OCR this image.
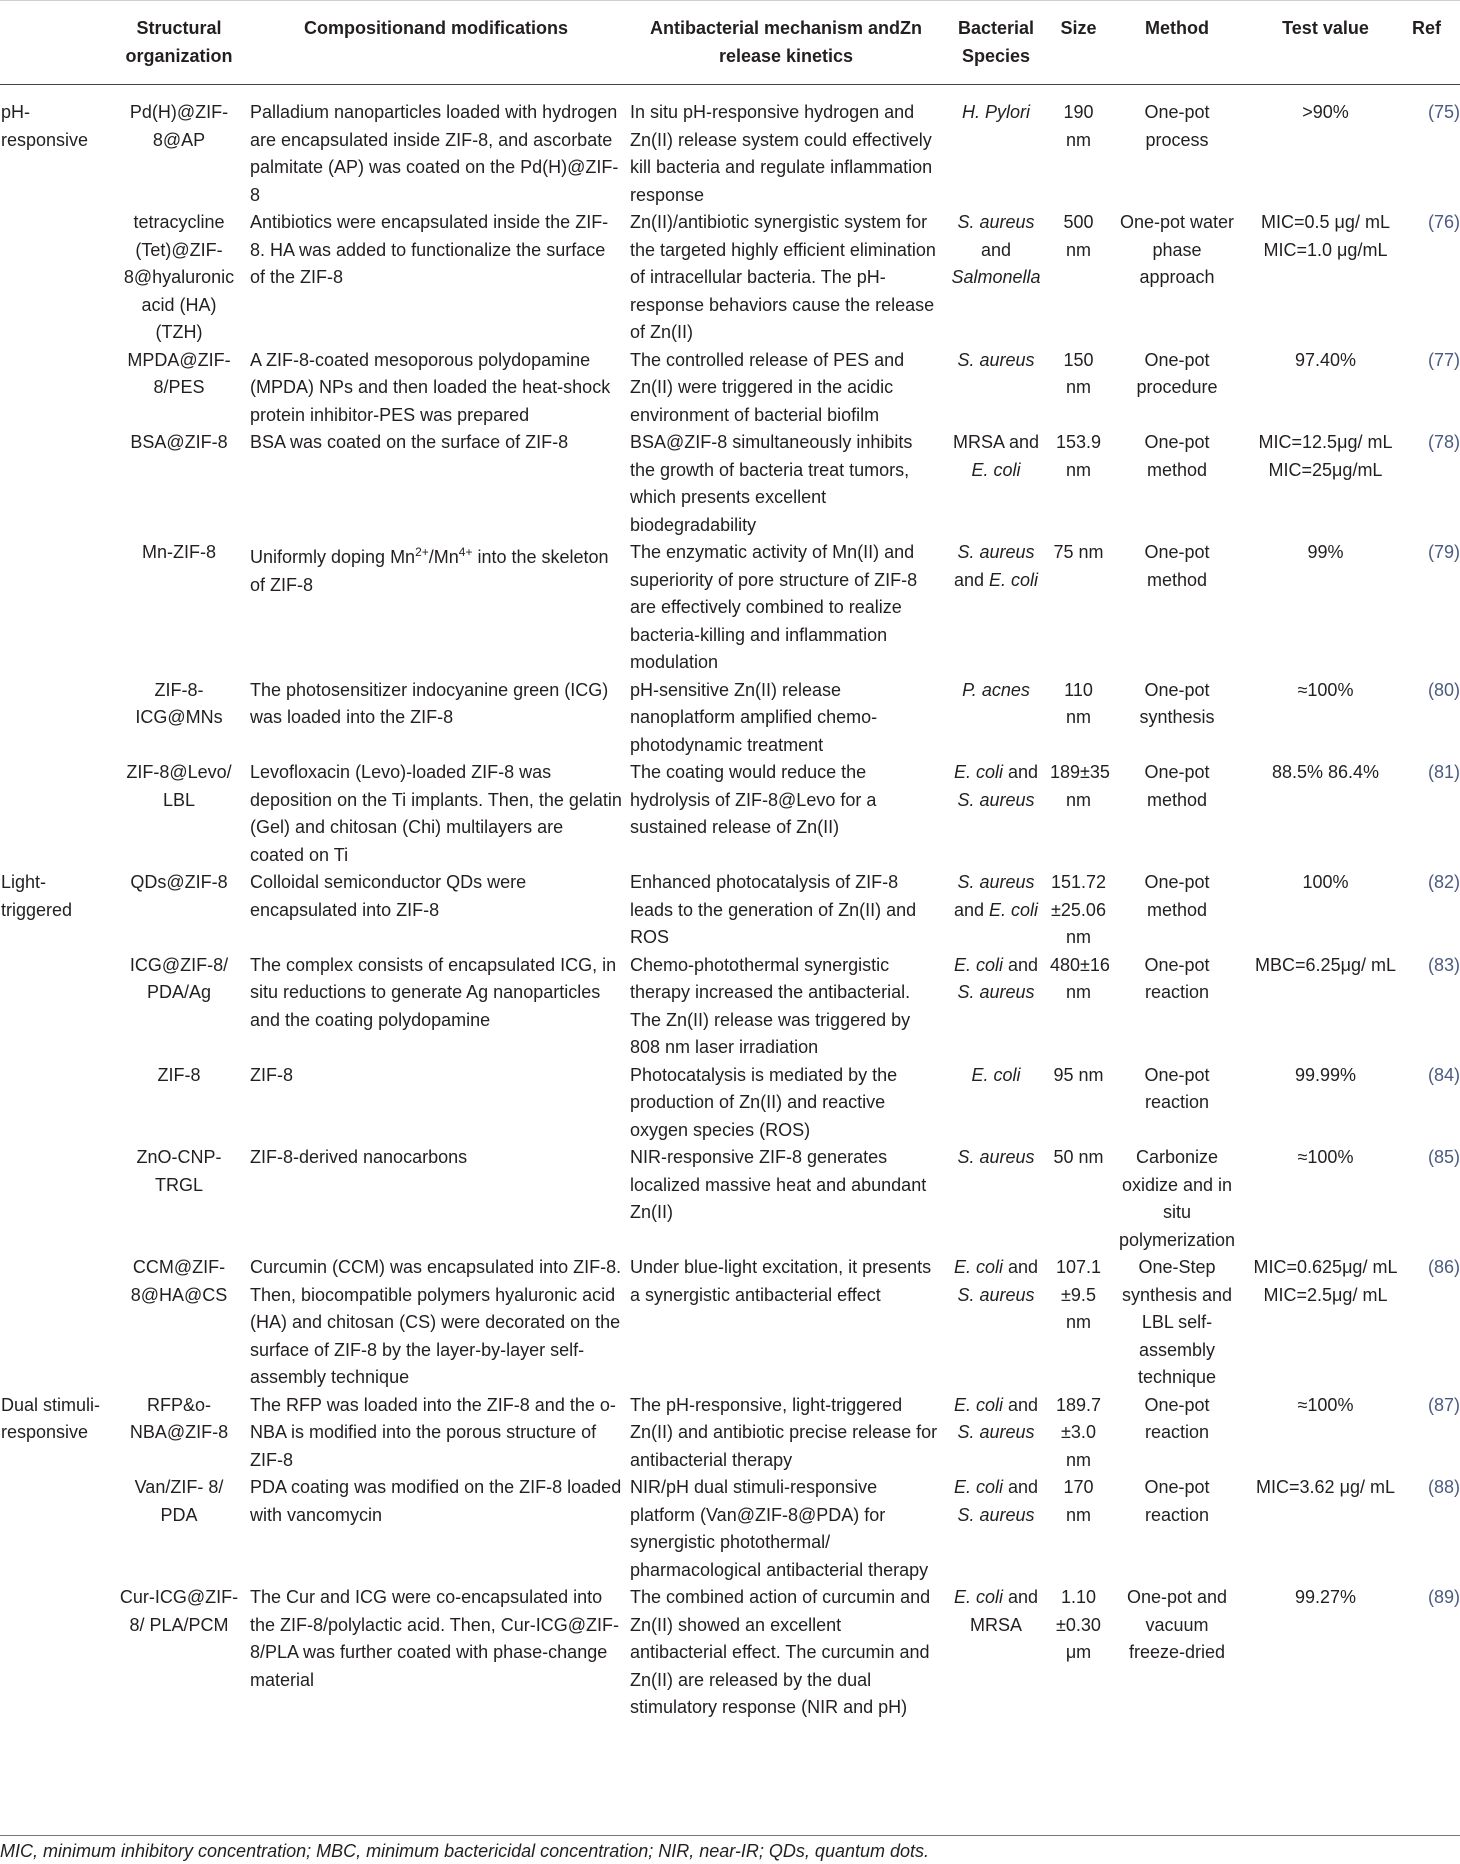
	Structural organization	Compositionand modifications	Antibacterial mechanism andZn release kinetics	Bacterial Species	Size	Method	Test value	Ref
pH-responsive	Pd(H)@ZIF-8@AP	Palladium nanoparticles loaded with hydrogen are encapsulated inside ZIF-8, and ascorbate palmitate (AP) was coated on the Pd(H)@ZIF-8	In situ pH-responsive hydrogen and Zn(II) release system could effectively kill bacteria and regulate inflammation response	H. Pylori	190 nm	One-pot process	>90%	(75)
	tetracycline (Tet)@ZIF-8@hyaluronic acid (HA) (TZH)	Antibiotics were encapsulated inside the ZIF-8. HA was added to functionalize the surface of the ZIF-8	Zn(II)/antibiotic synergistic system for the targeted highly efficient elimination of intracellular bacteria. The pH-response behaviors cause the release of Zn(II)	S. aureus and Salmonella	500 nm	One-pot water phase approach	MIC=0.5 μg/ mL MIC=1.0 μg/mL	(76)
	MPDA@ZIF-8/PES	A ZIF-8-coated mesoporous polydopamine (MPDA) NPs and then loaded the heat-shock protein inhibitor-PES was prepared	The controlled release of PES and Zn(II) were triggered in the acidic environment of bacterial biofilm	S. aureus	150 nm	One-pot procedure	97.40%	(77)
	BSA@ZIF-8	BSA was coated on the surface of ZIF-8	BSA@ZIF-8 simultaneously inhibits the growth of bacteria treat tumors, which presents excellent biodegradability	MRSA and E. coli	153.9 nm	One-pot method	MIC=12.5μg/ mL MIC=25μg/mL	(78)
	Mn-ZIF-8	Uniformly doping $Mn^{2+}/Mn^{4+}$ into the skeleton of ZIF-8	The enzymatic activity of Mn(II) and superiority of pore structure of ZIF-8 are effectively combined to realize bacteria-killing and inflammation modulation	S. aureus and E. coli	75 nm	One-pot method	99%	(79)
	ZIF-8-ICG@MNs	The photosensitizer indocyanine green (ICG) was loaded into the ZIF-8	pH-sensitive Zn(II) release nanoplatform amplified chemo-photodynamic treatment	P. acnes	110 nm	One-pot synthesis	≈100%	(80)
	ZIF-8@Levo/ LBL	Levofloxacin (Levo)-loaded ZIF-8 was deposition on the Ti implants. Then, the gelatin (Gel) and chitosan (Chi) multilayers are coated on Ti	The coating would reduce the hydrolysis of ZIF-8@Levo for a sustained release of Zn(II)	E. coli and S. aureus	189±35 nm	One-pot method	88.5% 86.4%	(81)
Light-triggered	QDs@ZIF-8	Colloidal semiconductor QDs were encapsulated into ZIF-8	Enhanced photocatalysis of ZIF-8 leads to the generation of Zn(II) and ROS	S. aureus and E. coli	151.72 ±25.06 nm	One-pot method	100%	(82)
	ICG@ZIF-8/ PDA/Ag	The complex consists of encapsulated ICG, in situ reductions to generate Ag nanoparticles and the coating polydopamine	Chemo-photothermal synergistic therapy increased the antibacterial. The Zn(II) release was triggered by 808 nm laser irradiation	E. coli and S. aureus	480±16 nm	One-pot reaction	MBC=6.25μg/ mL	(83)
	ZIF-8	ZIF-8	Photocatalysis is mediated by the production of Zn(II) and reactive oxygen species (ROS)	E. coli	95 nm	One-pot reaction	99.99%	(84)
	ZnO-CNP-TRGL	ZIF-8-derived nanocarbons	NIR-responsive ZIF-8 generates localized massive heat and abundant Zn(II)	S. aureus	50 nm	Carbonize oxidize and in situ polymerization	≈100%	(85)
	CCM@ZIF-8@HA@CS	Curcumin (CCM) was encapsulated into ZIF-8. Then, biocompatible polymers hyaluronic acid (HA) and chitosan (CS) were decorated on the surface of ZIF-8 by the layer-by-layer self-assembly technique	Under blue-light excitation, it presents a synergistic antibacterial effect	E. coli and S. aureus	107.1 ±9.5 nm	One-Step synthesis and LBL self-assembly technique	MIC=0.625μg/ mL MIC=2.5μg/ mL	(86)
Dual stimuli-responsive	RFP&o-NBA@ZIF-8	The RFP was loaded into the ZIF-8 and the o-NBA is modified into the porous structure of ZIF-8	The pH-responsive, light-triggered Zn(II) and antibiotic precise release for antibacterial therapy	E. coli and S. aureus	189.7 ±3.0 nm	One-pot reaction	≈100%	(87)
	Van/ZIF- 8/ PDA	PDA coating was modified on the ZIF-8 loaded with vancomycin	NIR/pH dual stimuli-responsive platform (Van@ZIF-8@PDA) for synergistic photothermal/ pharmacological antibacterial therapy	E. coli and S. aureus	170 nm	One-pot reaction	MIC=3.62 μg/ mL	(88)
	Cur-ICG@ZIF-8/ PLA/PCM	The Cur and ICG were co-encapsulated into the ZIF-8/polylactic acid. Then, Cur-ICG@ZIF-8/PLA was further coated with phase-change material	The combined action of curcumin and Zn(II) showed an excellent antibacterial effect. The curcumin and Zn(II) are released by the dual stimulatory response (NIR and pH)	E. coli and MRSA	1.10 ±0.30 μm	One-pot and vacuum freeze-dried	99.27%	(89)
MIC, minimum inhibitory concentration; MBC, minimum bactericidal concentration; NIR, near-IR; QDs, quantum dots.
